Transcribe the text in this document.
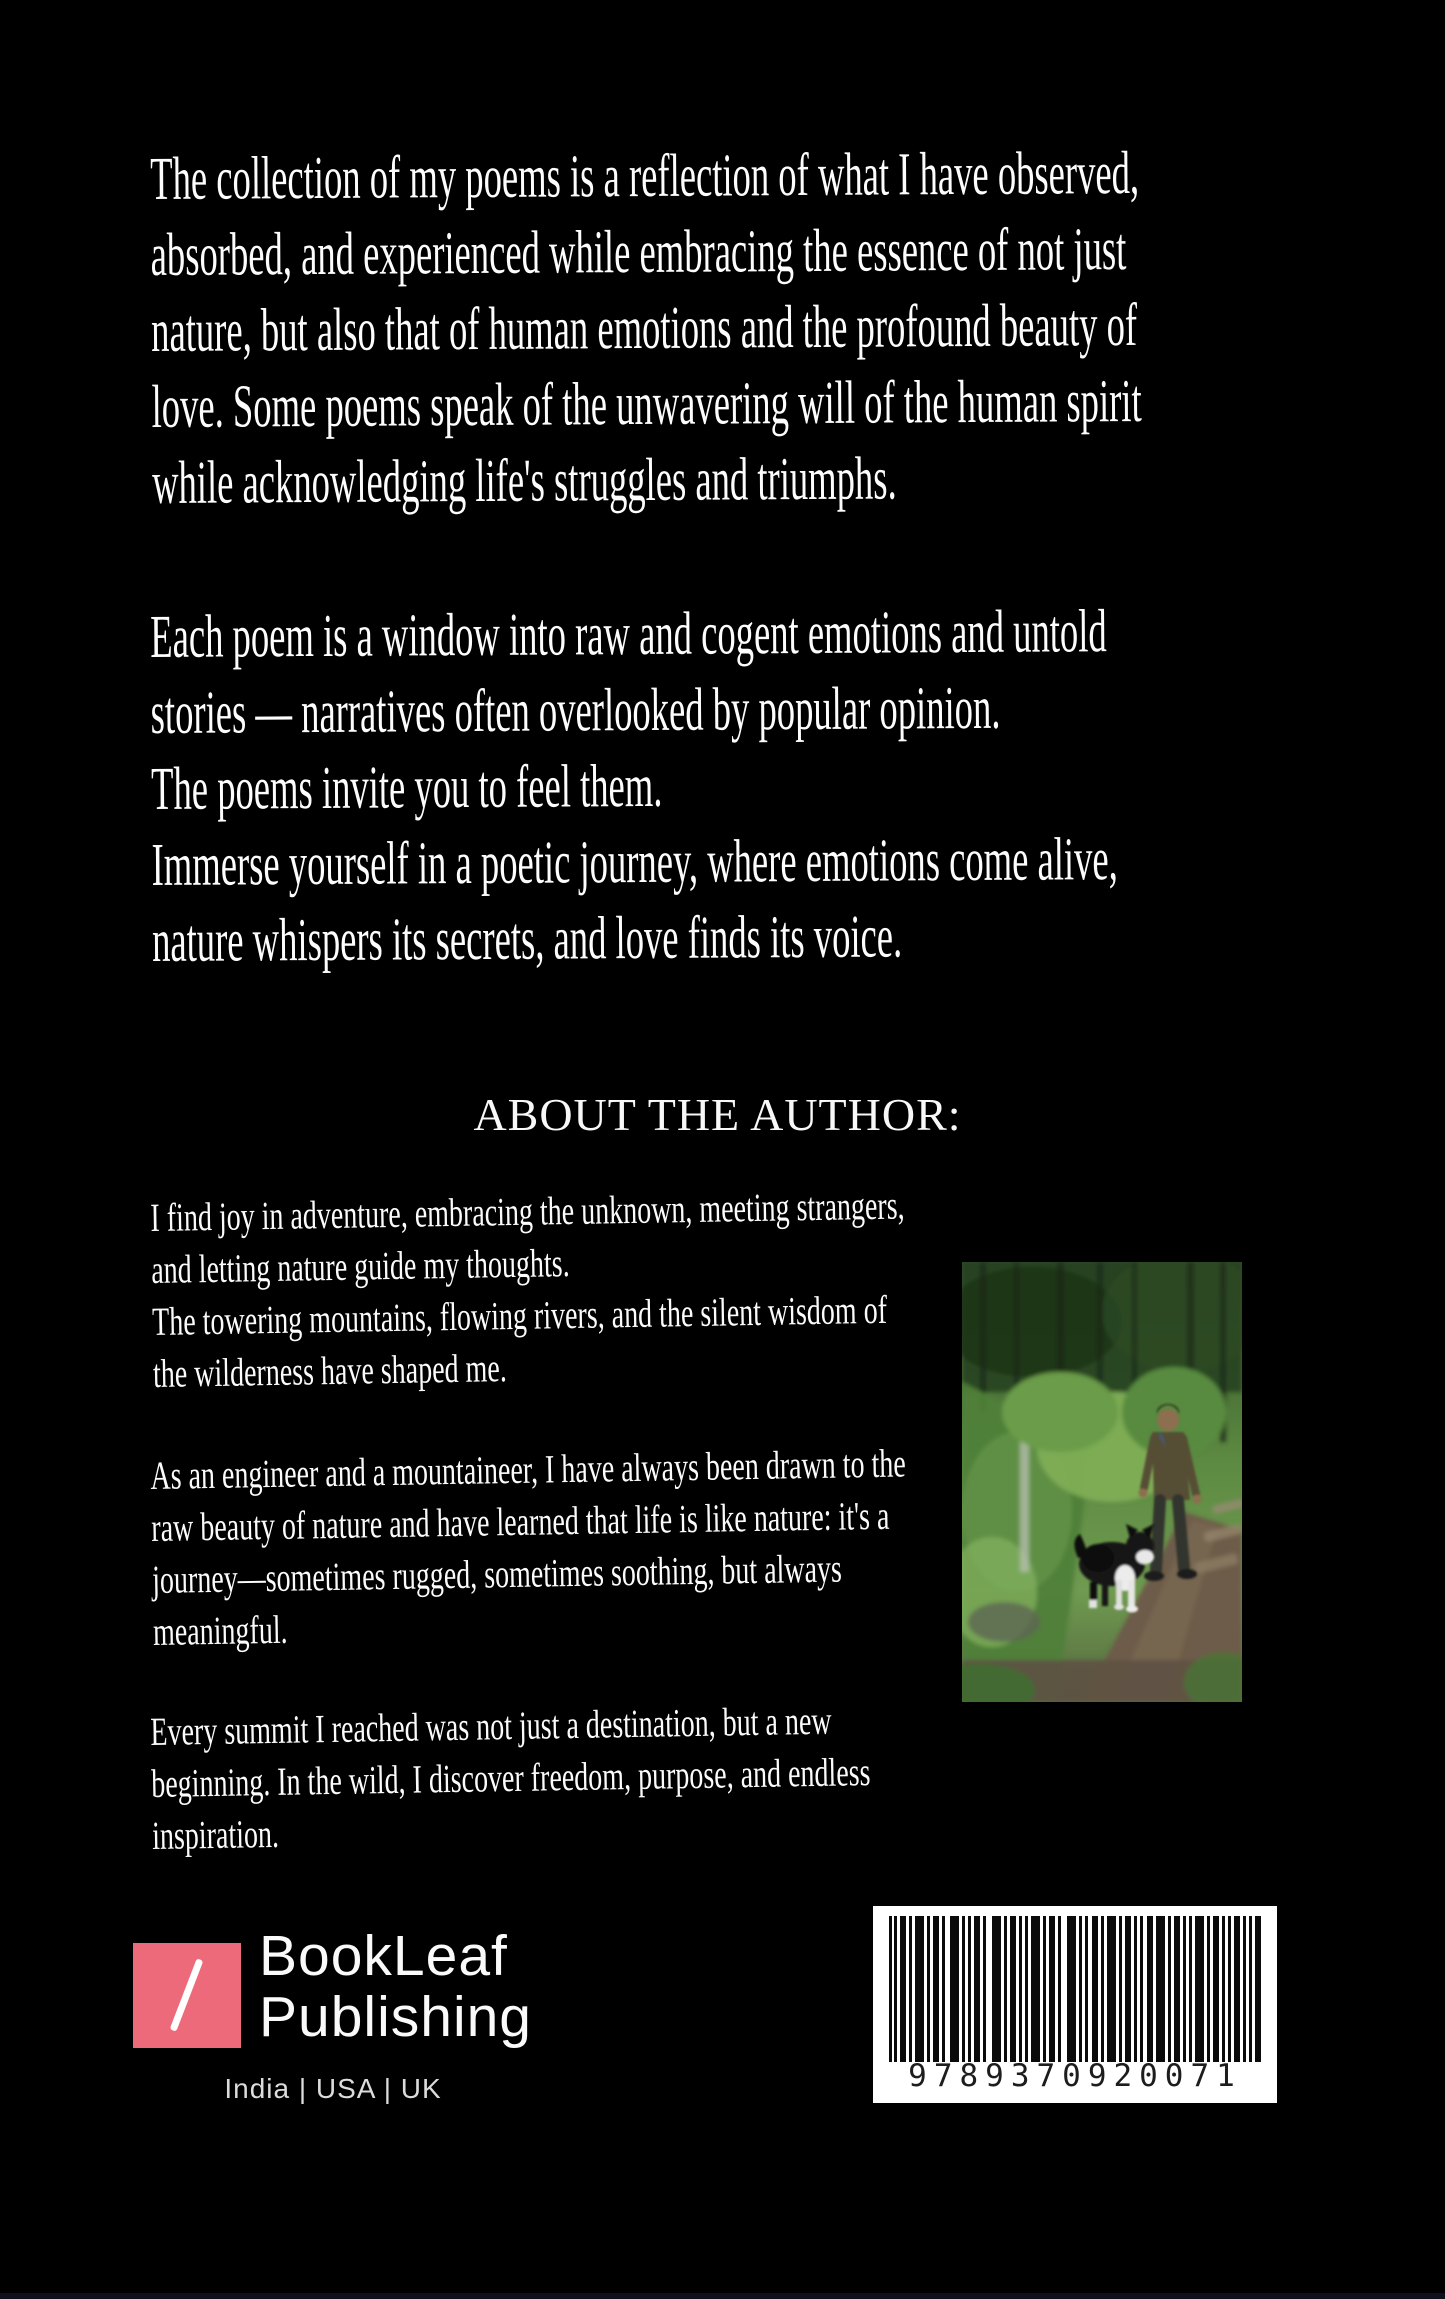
The collection of my poems is a reflection of what I have observed,
absorbed, and experienced while embracing the essence of not just
nature, but also that of human emotions and the profound beauty of
love. Some poems speak of the unwavering will of the human spirit
while acknowledging life's struggles and triumphs.
Each poem is a window into raw and cogent emotions and untold
stories — narratives often overlooked by popular opinion.
The poems invite you to feel them.
Immerse yourself in a poetic journey, where emotions come alive,
nature whispers its secrets, and love finds its voice.
ABOUT THE AUTHOR:
I find joy in adventure, embracing the unknown, meeting strangers,
and letting nature guide my thoughts.
The towering mountains, flowing rivers, and the silent wisdom of
the wilderness have shaped me.
As an engineer and a mountaineer, I have always been drawn to the
raw beauty of nature and have learned that life is like nature: it's a
journey—sometimes rugged, sometimes soothing, but always
meaningful.
Every summit I reached was not just a destination, but a new
beginning. In the wild, I discover freedom, purpose, and endless
inspiration.
BookLeaf
Publishing
India | USA | UK	9789370920071
